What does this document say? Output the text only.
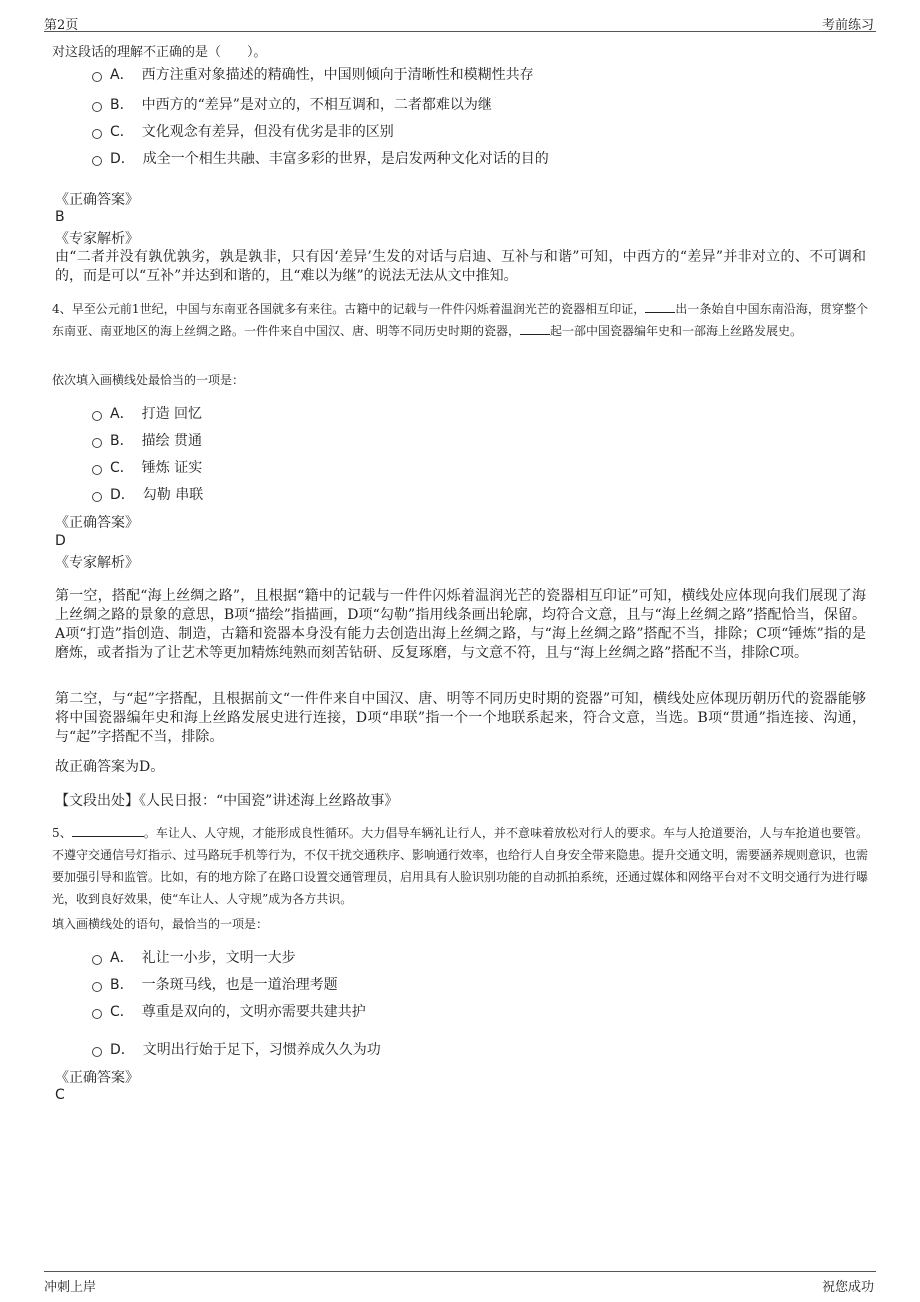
第2页	考前练习
对这段话的理解不正确的是（　　）。
A． 西方注重对象描述的精确性，中国则倾向于清晰性和模糊性共存
B． 中西方的“差异”是对立的，不相互调和，二者都难以为继
C． 文化观念有差异，但没有优劣是非的区别
D． 成全一个相生共融、丰富多彩的世界，是启发两种文化对话的目的
《正确答案》
B
《专家解析》
由“二者并没有孰优孰劣，孰是孰非，只有因‘差异’生发的对话与启迪、互补与和谐”可知，中西方的“差异”并非对立的、不可调和的，而是可以“互补”并达到和谐的，且“难以为继”的说法无法从文中推知。
4、早至公元前1世纪，中国与东南亚各国就多有来往。古籍中的记载与一件件闪烁着温润光芒的瓷器相互印证，	出一条始自中国东南沿海，贯穿整个东南亚、南亚地区的海上丝绸之路。一件件来自中国汉、唐、明等不同历史时期的瓷器，	起一部中国瓷器编年史和一部海上丝路发展史。
依次填入画横线处最恰当的一项是：
A． 打造 回忆
B． 描绘 贯通
C． 锤炼 证实
D． 勾勒 串联
《正确答案》
D
《专家解析》
第一空，搭配“海上丝绸之路”，且根据“籍中的记载与一件件闪烁着温润光芒的瓷器相互印证”可知，横线处应体现向我们展现了海上丝绸之路的景象的意思，B项“描绘”指描画，D项“勾勒”指用线条画出轮廓，均符合文意，且与“海上丝绸之路”搭配恰当，保留。A项“打造”指创造、制造，古籍和瓷器本身没有能力去创造出海上丝绸之路，与“海上丝绸之路”搭配不当，排除；C项“锤炼”指的是磨炼，或者指为了让艺术等更加精炼纯熟而刻苦钻研、反复琢磨，与文意不符，且与“海上丝绸之路”搭配不当，排除C项。
第二空，与“起”字搭配，且根据前文“一件件来自中国汉、唐、明等不同历史时期的瓷器”可知，横线处应体现历朝历代的瓷器能够将中国瓷器编年史和海上丝路发展史进行连接，D项“串联”指一个一个地联系起来，符合文意，当选。B项“贯通”指连接、沟通，与“起”字搭配不当，排除。
故正确答案为D。
【文段出处】《人民日报：“中国瓷”讲述海上丝路故事》
5、	。车让人、人守规，才能形成良性循环。大力倡导车辆礼让行人，并不意味着放松对行人的要求。车与人抢道要治，人与车抢道也要管。不遵守交通信号灯指示、过马路玩手机等行为，不仅干扰交通秩序、影响通行效率，也给行人自身安全带来隐患。提升交通文明，需要涵养规则意识，也需要加强引导和监管。比如，有的地方除了在路口设置交通管理员，启用具有人脸识别功能的自动抓拍系统，还通过媒体和网络平台对不文明交通行为进行曝光，收到良好效果，使“车让人、人守规”成为各方共识。
填入画横线处的语句，最恰当的一项是：
A． 礼让一小步，文明一大步
B． 一条斑马线，也是一道治理考题
C． 尊重是双向的，文明亦需要共建共护
D． 文明出行始于足下，习惯养成久久为功
《正确答案》
C
冲刺上岸	祝您成功
